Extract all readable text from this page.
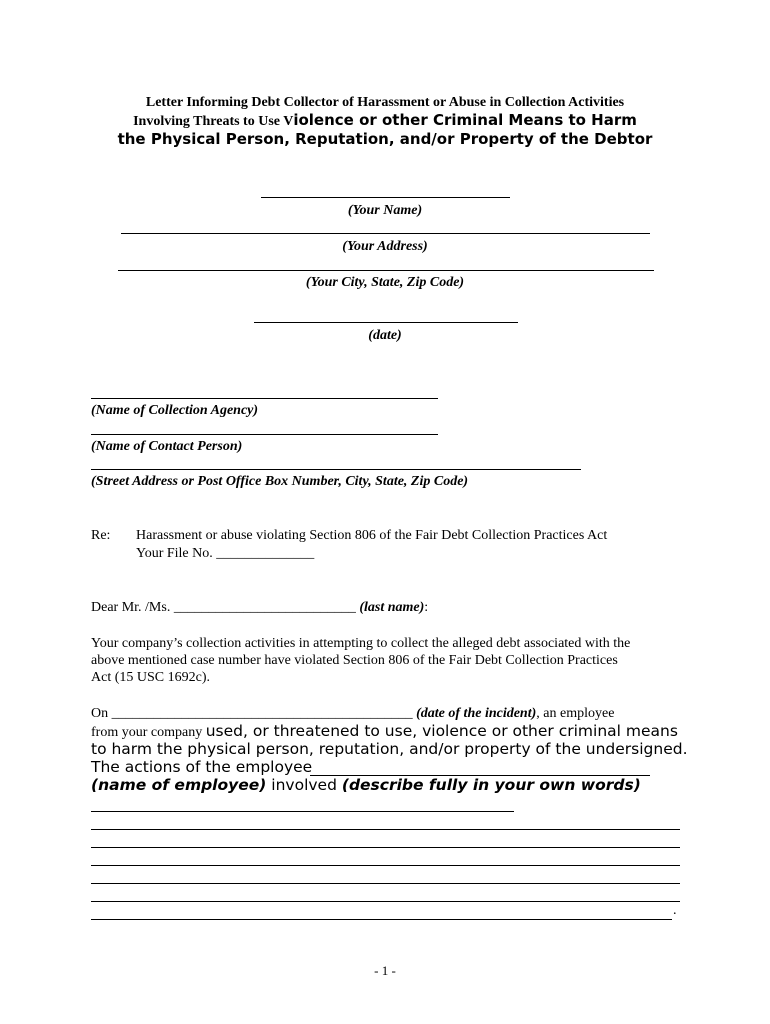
Letter Informing Debt Collector of Harassment or Abuse in Collection Activities
Involving Threats to Use Violence or other Criminal Means to Harm
the Physical Person, Reputation, and/or Property of the Debtor
(Your Name)
(Your Address)
(Your City, State, Zip Code)
(date)
(Name of Collection Agency)
(Name of Contact Person)
(Street Address or Post Office Box Number, City, State, Zip Code)
Re: Harassment or abuse violating Section 806 of the Fair Debt Collection Practices Act
Your File No. ______________
Dear Mr. /Ms. __________________________ (last name):
Your company’s collection activities in attempting to collect the alleged debt associated with the
above mentioned case number have violated Section 806 of the Fair Debt Collection Practices
Act (15 USC 1692c).
On ___________________________________________ (date of the incident), an employee
from your company used, or threatened to use, violence or other criminal means
to harm the physical person, reputation, and/or property of the undersigned.
The actions of the employee
(name of employee) involved (describe fully in your own words)
.
- 1 -
